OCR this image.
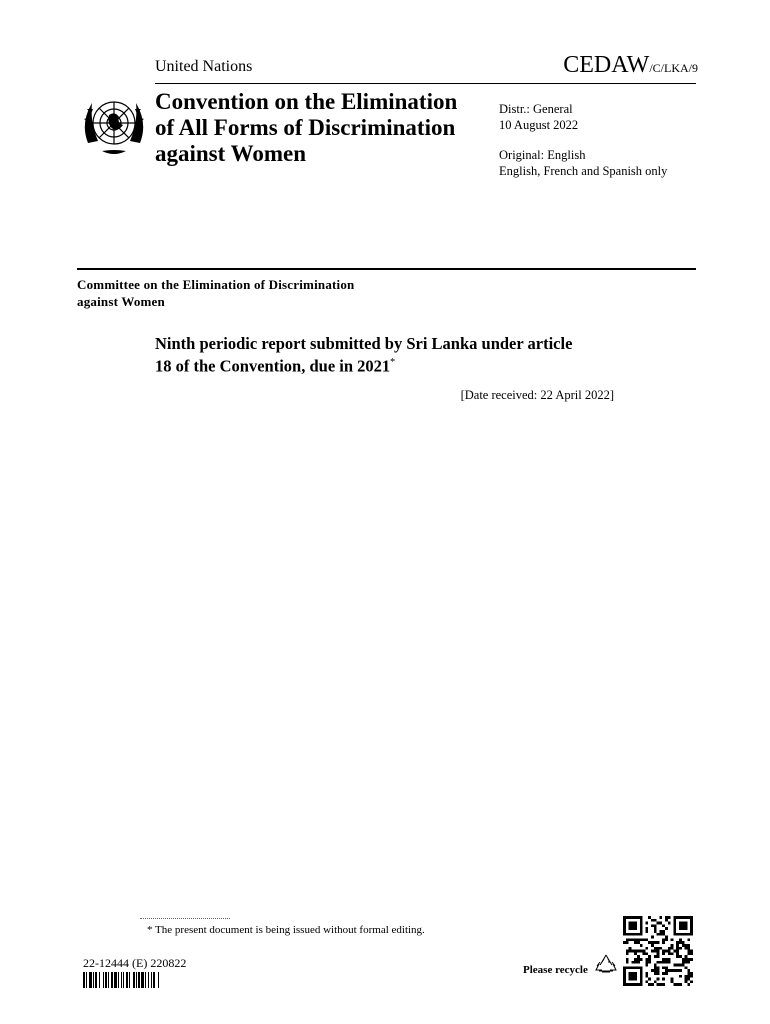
United Nations	CEDAW/C/LKA/9
Convention on the Elimination
of All Forms of Discrimination
against Women
Distr.: General
10 August 2022
Original: English
English, French and Spanish only
Committee on the Elimination of Discrimination
against Women
Ninth periodic report submitted by Sri Lanka under article
18 of the Convention, due in 2021*
[Date received: 22 April 2022]
* The present document is being issued without formal editing.
22-12444 (E) 220822	Please recycle
